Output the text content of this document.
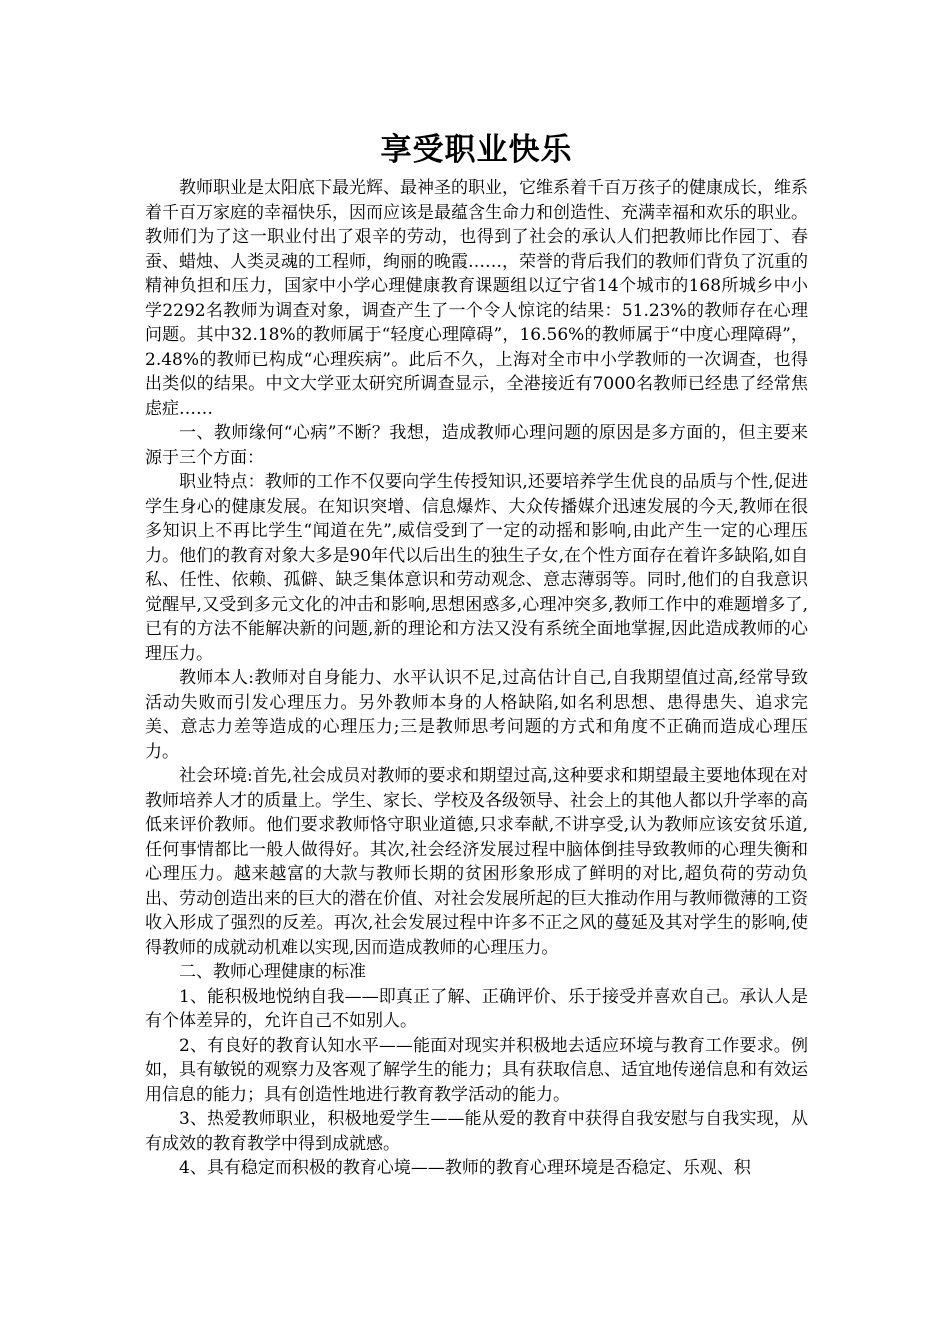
享受职业快乐

教师职业是太阳底下最光辉、最神圣的职业，它维系着千百万孩子的健康成长，维系着千百万家庭的幸福快乐，因而应该是最蕴含生命力和创造性、充满幸福和欢乐的职业。教师们为了这一职业付出了艰辛的劳动，也得到了社会的承认人们把教师比作园丁、春蚕、蜡烛、人类灵魂的工程师，绚丽的晚霞……，荣誉的背后我们的教师们背负了沉重的精神负担和压力，国家中小学心理健康教育课题组以辽宁省14个城市的168所城乡中小学2292名教师为调查对象，调查产生了一个令人惊诧的结果：51.23%的教师存在心理问题。其中32.18%的教师属于“轻度心理障碍”，16.56%的教师属于“中度心理障碍”，2.48%的教师已构成“心理疾病”。此后不久，上海对全市中小学教师的一次调查，也得出类似的结果。中文大学亚太研究所调查显示，全港接近有7000名教师已经患了经常焦虑症……

一、教师缘何“心病”不断？我想，造成教师心理问题的原因是多方面的，但主要来源于三个方面：

职业特点：教师的工作不仅要向学生传授知识,还要培养学生优良的品质与个性,促进学生身心的健康发展。在知识突增、信息爆炸、大众传播媒介迅速发展的今天,教师在很多知识上不再比学生“闻道在先”,威信受到了一定的动摇和影响,由此产生一定的心理压力。他们的教育对象大多是90年代以后出生的独生子女,在个性方面存在着许多缺陷,如自私、任性、依赖、孤僻、缺乏集体意识和劳动观念、意志薄弱等。同时,他们的自我意识觉醒早,又受到多元文化的冲击和影响,思想困惑多,心理冲突多,教师工作中的难题增多了,已有的方法不能解决新的问题,新的理论和方法又没有系统全面地掌握,因此造成教师的心理压力。

教师本人:教师对自身能力、水平认识不足,过高估计自己,自我期望值过高,经常导致活动失败而引发心理压力。另外教师本身的人格缺陷,如名利思想、患得患失、追求完美、意志力差等造成的心理压力;三是教师思考问题的方式和角度不正确而造成心理压力。

社会环境:首先,社会成员对教师的要求和期望过高,这种要求和期望最主要地体现在对教师培养人才的质量上。学生、家长、学校及各级领导、社会上的其他人都以升学率的高低来评价教师。他们要求教师恪守职业道德,只求奉献,不讲享受,认为教师应该安贫乐道,任何事情都比一般人做得好。其次,社会经济发展过程中脑体倒挂导致教师的心理失衡和心理压力。越来越富的大款与教师长期的贫困形象形成了鲜明的对比,超负荷的劳动负出、劳动创造出来的巨大的潜在价值、对社会发展所起的巨大推动作用与教师微薄的工资收入形成了强烈的反差。再次,社会发展过程中许多不正之风的蔓延及其对学生的影响,使得教师的成就动机难以实现,因而造成教师的心理压力。

二、教师心理健康的标准

1、能积极地悦纳自我——即真正了解、正确评价、乐于接受并喜欢自己。承认人是有个体差异的，允许自己不如别人。

2、有良好的教育认知水平——能面对现实并积极地去适应环境与教育工作要求。例如，具有敏锐的观察力及客观了解学生的能力；具有获取信息、适宜地传递信息和有效运用信息的能力；具有创造性地进行教育教学活动的能力。

3、热爱教师职业，积极地爱学生——能从爱的教育中获得自我安慰与自我实现，从有成效的教育教学中得到成就感。

4、具有稳定而积极的教育心境——教师的教育心理环境是否稳定、乐观、积
